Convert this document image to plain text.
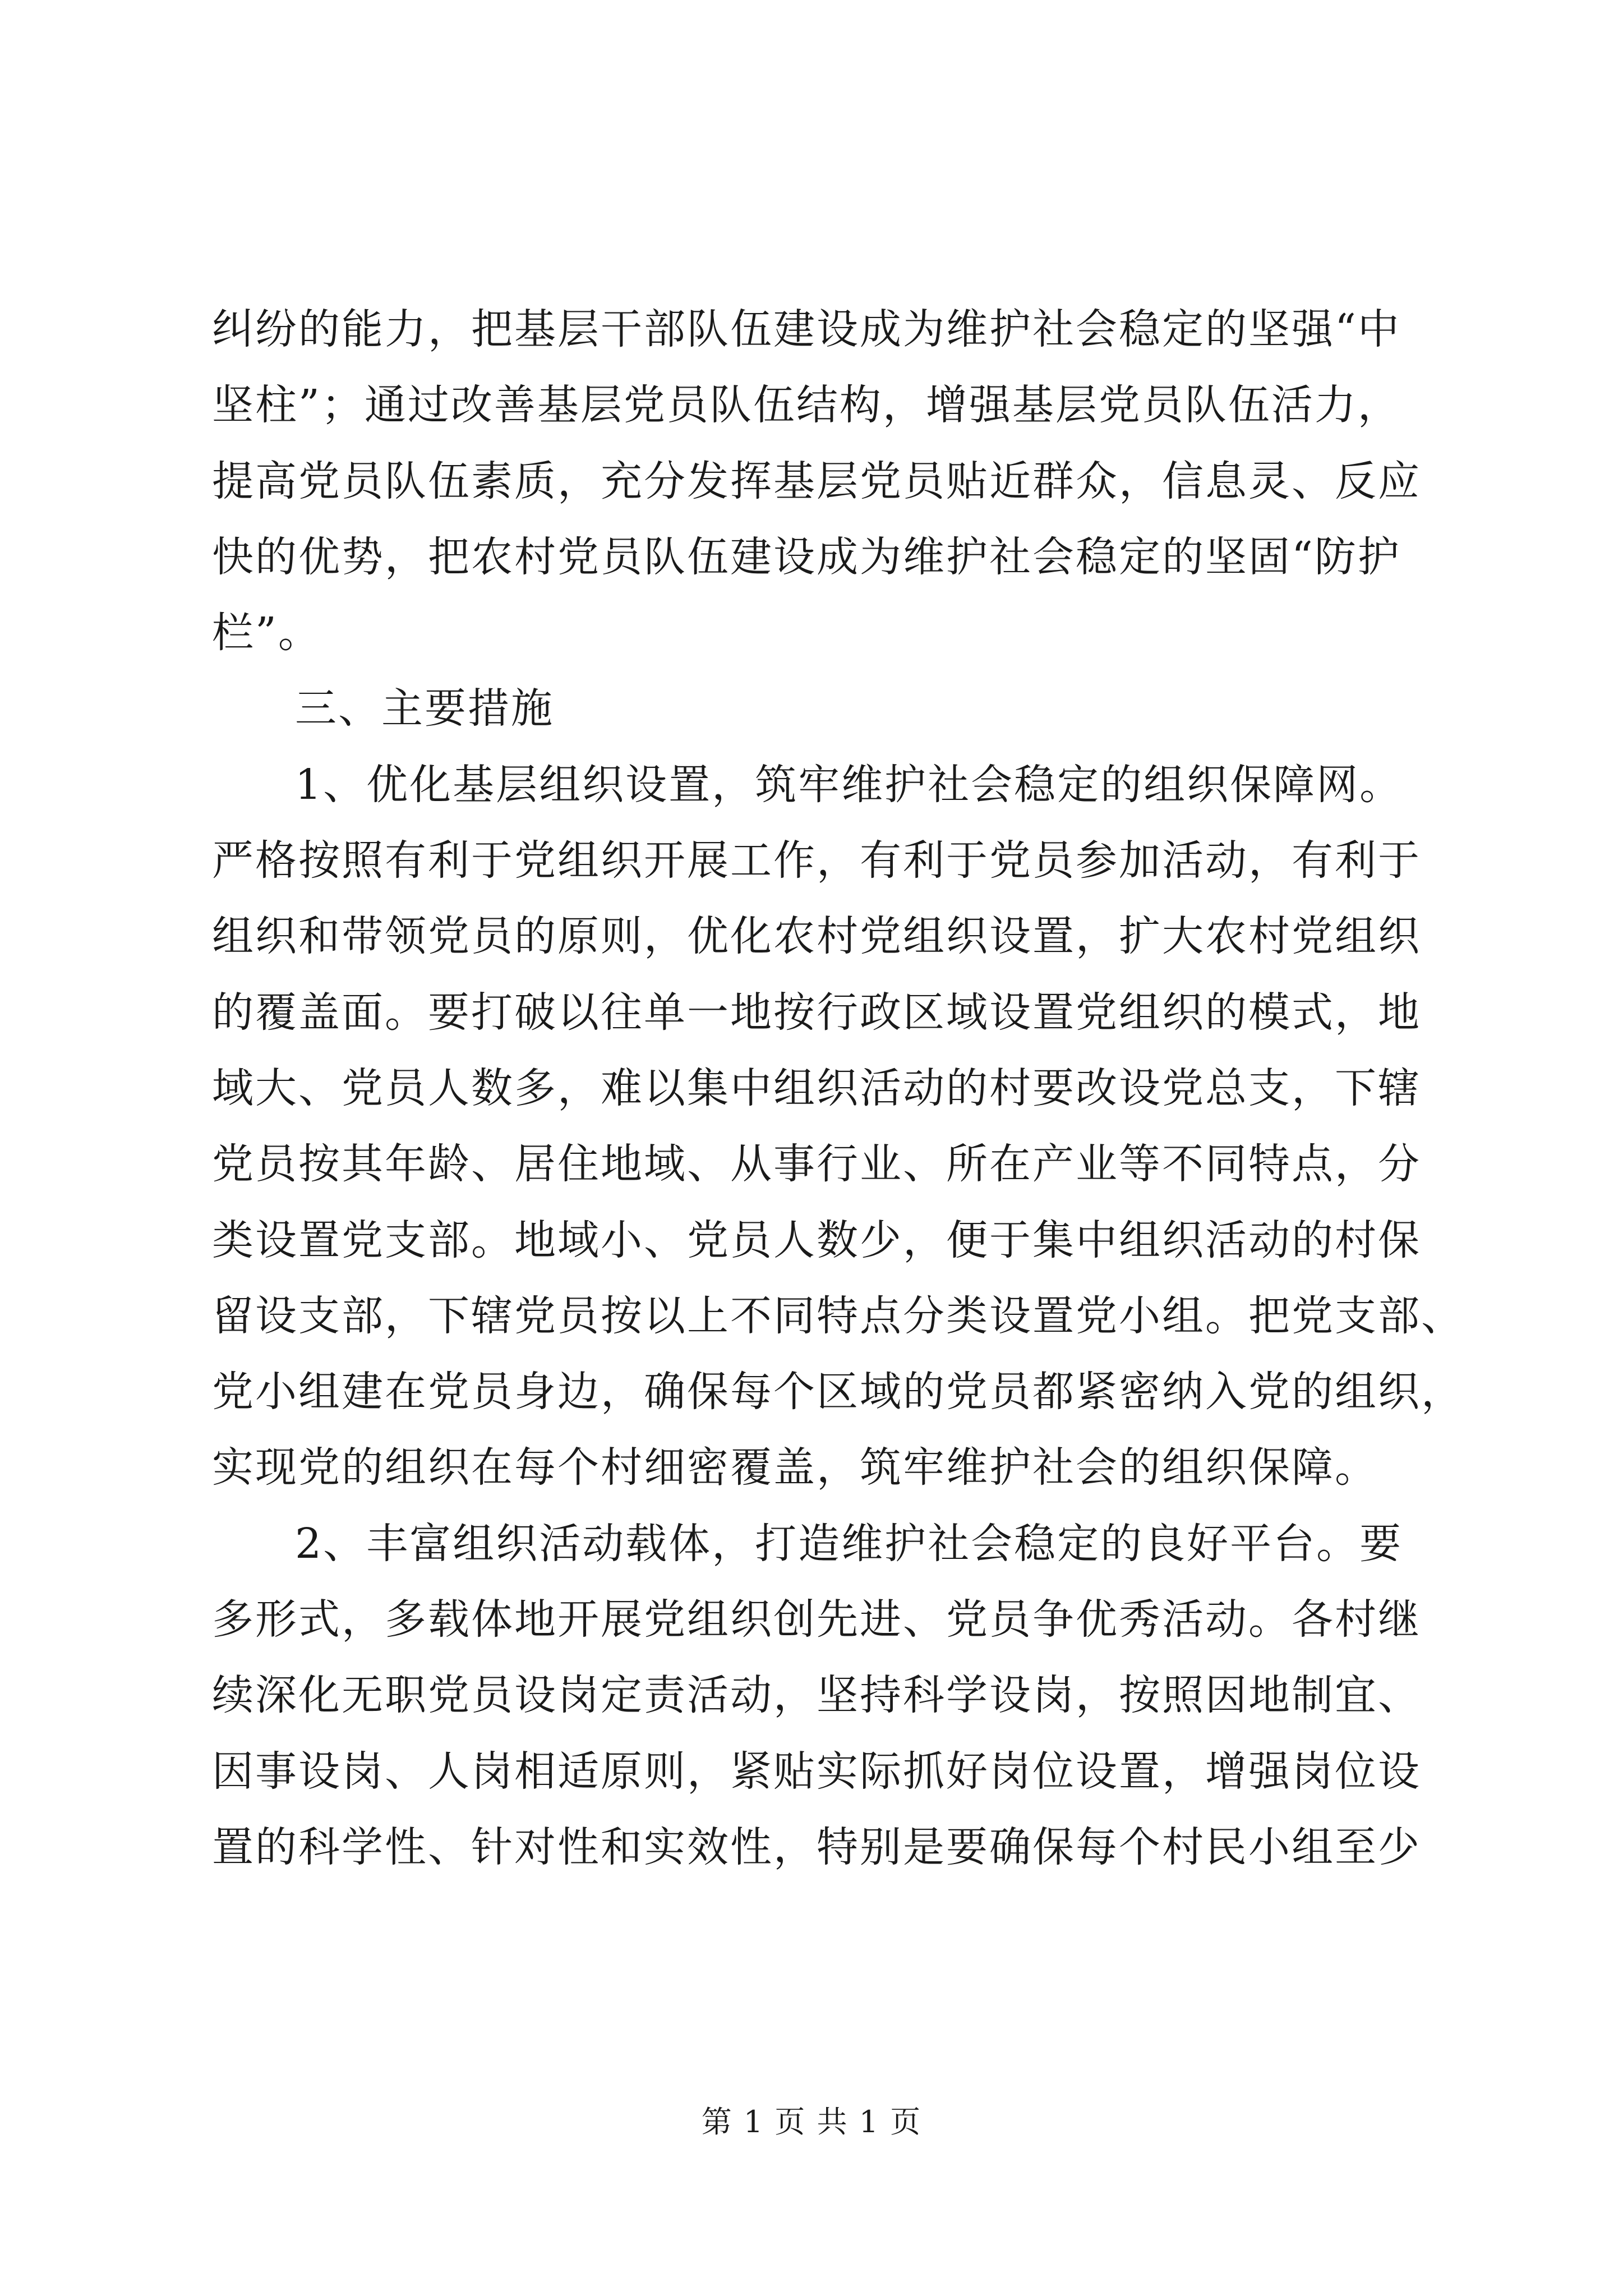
纠纷的能力，把基层干部队伍建设成为维护社会稳定的坚强“中
坚柱”；通过改善基层党员队伍结构，增强基层党员队伍活力，
提高党员队伍素质，充分发挥基层党员贴近群众，信息灵、反应
快的优势，把农村党员队伍建设成为维护社会稳定的坚固“防护
栏”。
三、主要措施
1、优化基层组织设置，筑牢维护社会稳定的组织保障网。
严格按照有利于党组织开展工作，有利于党员参加活动，有利于
组织和带领党员的原则，优化农村党组织设置，扩大农村党组织
的覆盖面。要打破以往单一地按行政区域设置党组织的模式，地
域大、党员人数多，难以集中组织活动的村要改设党总支，下辖
党员按其年龄、居住地域、从事行业、所在产业等不同特点，分
类设置党支部。地域小、党员人数少，便于集中组织活动的村保
留设支部，下辖党员按以上不同特点分类设置党小组。把党支部、
党小组建在党员身边，确保每个区域的党员都紧密纳入党的组织，
实现党的组织在每个村细密覆盖，筑牢维护社会的组织保障。
2、丰富组织活动载体，打造维护社会稳定的良好平台。要
多形式，多载体地开展党组织创先进、党员争优秀活动。各村继
续深化无职党员设岗定责活动，坚持科学设岗，按照因地制宜、
因事设岗、人岗相适原则，紧贴实际抓好岗位设置，增强岗位设
置的科学性、针对性和实效性，特别是要确保每个村民小组至少
第 1 页 共 1 页
